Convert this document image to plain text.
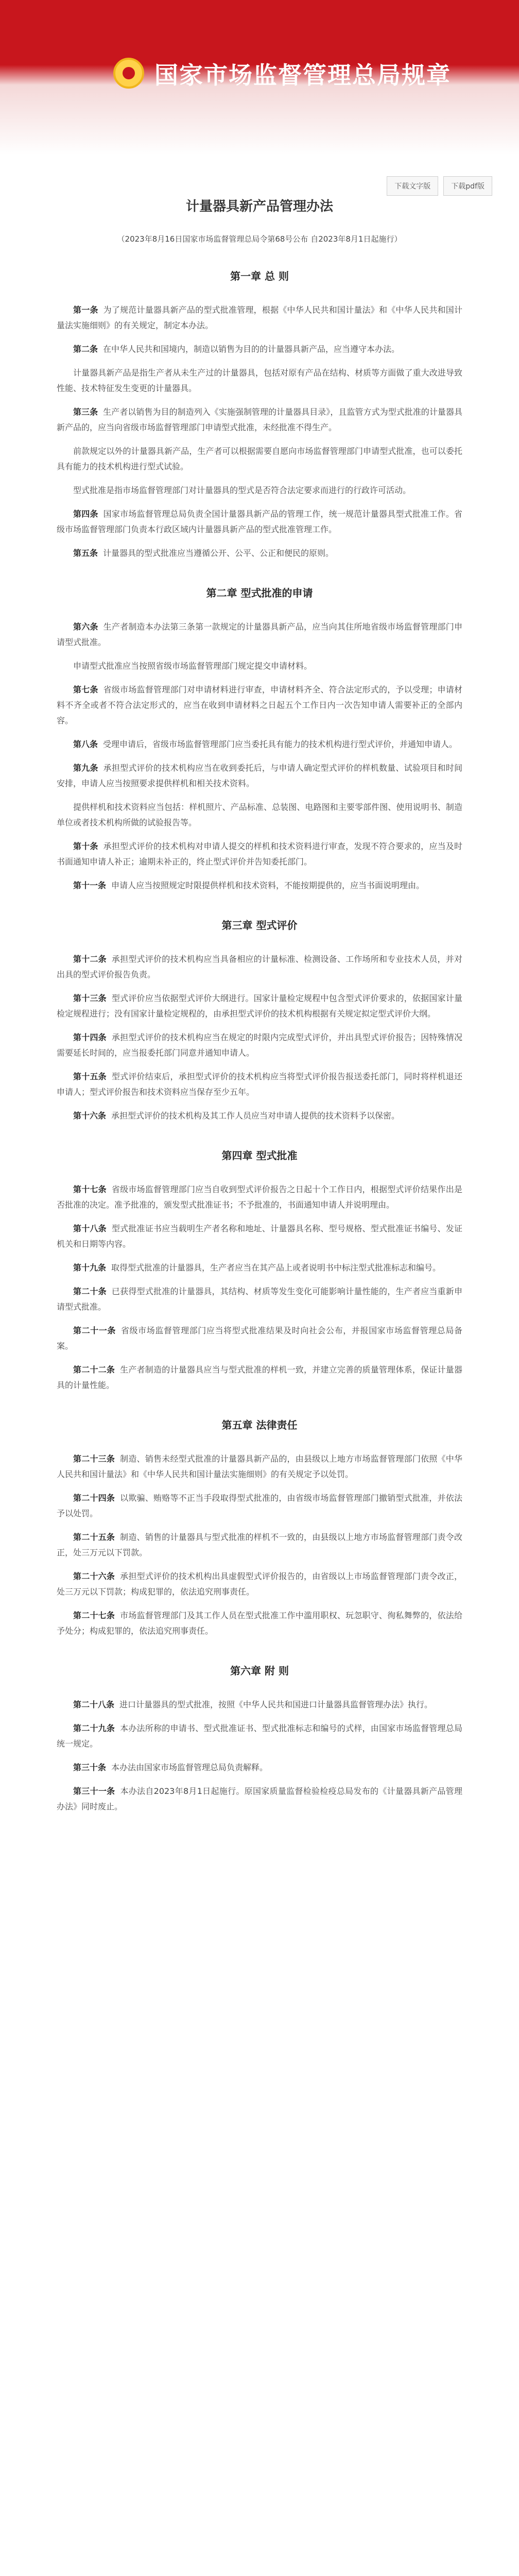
国家市场监督管理总局规章
下载文字版	下载pdf版
计量器具新产品管理办法
（2023年8月16日国家市场监督管理总局令第68号公布 自2023年8月1日起施行）
第一章 总 则

第一条 为了规范计量器具新产品的型式批准管理，根据《中华人民共和国计量法》和《中华人民共和国计量法实施细则》的有关规定，制定本办法。

第二条 在中华人民共和国境内，制造以销售为目的的计量器具新产品，应当遵守本办法。

计量器具新产品是指生产者从未生产过的计量器具，包括对原有产品在结构、材质等方面做了重大改进导致性能、技术特征发生变更的计量器具。

第三条 生产者以销售为目的制造列入《实施强制管理的计量器具目录》，且监管方式为型式批准的计量器具新产品的，应当向省级市场监督管理部门申请型式批准，未经批准不得生产。

前款规定以外的计量器具新产品，生产者可以根据需要自愿向市场监督管理部门申请型式批准，也可以委托具有能力的技术机构进行型式试验。

型式批准是指市场监督管理部门对计量器具的型式是否符合法定要求而进行的行政许可活动。

第四条 国家市场监督管理总局负责全国计量器具新产品的管理工作，统一规范计量器具型式批准工作。省级市场监督管理部门负责本行政区域内计量器具新产品的型式批准管理工作。

第五条 计量器具的型式批准应当遵循公开、公平、公正和便民的原则。

第二章 型式批准的申请

第六条 生产者制造本办法第三条第一款规定的计量器具新产品，应当向其住所地省级市场监督管理部门申请型式批准。

申请型式批准应当按照省级市场监督管理部门规定提交申请材料。

第七条 省级市场监督管理部门对申请材料进行审查，申请材料齐全、符合法定形式的，予以受理；申请材料不齐全或者不符合法定形式的，应当在收到申请材料之日起五个工作日内一次告知申请人需要补正的全部内容。

第八条 受理申请后，省级市场监督管理部门应当委托具有能力的技术机构进行型式评价，并通知申请人。

第九条 承担型式评价的技术机构应当在收到委托后，与申请人确定型式评价的样机数量、试验项目和时间安排，申请人应当按照要求提供样机和相关技术资料。

提供样机和技术资料应当包括：样机照片、产品标准、总装图、电路图和主要零部件图、使用说明书、制造单位或者技术机构所做的试验报告等。

第十条 承担型式评价的技术机构对申请人提交的样机和技术资料进行审查，发现不符合要求的，应当及时书面通知申请人补正；逾期未补正的，终止型式评价并告知委托部门。

第十一条 申请人应当按照规定时限提供样机和技术资料，不能按期提供的，应当书面说明理由。

第三章 型式评价

第十二条 承担型式评价的技术机构应当具备相应的计量标准、检测设备、工作场所和专业技术人员，并对出具的型式评价报告负责。

第十三条 型式评价应当依据型式评价大纲进行。国家计量检定规程中包含型式评价要求的，依据国家计量检定规程进行；没有国家计量检定规程的，由承担型式评价的技术机构根据有关规定拟定型式评价大纲。

第十四条 承担型式评价的技术机构应当在规定的时限内完成型式评价，并出具型式评价报告；因特殊情况需要延长时间的，应当报委托部门同意并通知申请人。

第十五条 型式评价结束后，承担型式评价的技术机构应当将型式评价报告报送委托部门，同时将样机退还申请人；型式评价报告和技术资料应当保存至少五年。

第十六条 承担型式评价的技术机构及其工作人员应当对申请人提供的技术资料予以保密。

第四章 型式批准

第十七条 省级市场监督管理部门应当自收到型式评价报告之日起十个工作日内，根据型式评价结果作出是否批准的决定。准予批准的，颁发型式批准证书；不予批准的，书面通知申请人并说明理由。

第十八条 型式批准证书应当载明生产者名称和地址、计量器具名称、型号规格、型式批准证书编号、发证机关和日期等内容。

第十九条 取得型式批准的计量器具，生产者应当在其产品上或者说明书中标注型式批准标志和编号。

第二十条 已获得型式批准的计量器具，其结构、材质等发生变化可能影响计量性能的，生产者应当重新申请型式批准。

第二十一条 省级市场监督管理部门应当将型式批准结果及时向社会公布，并报国家市场监督管理总局备案。

第二十二条 生产者制造的计量器具应当与型式批准的样机一致，并建立完善的质量管理体系，保证计量器具的计量性能。

第五章 法律责任

第二十三条 制造、销售未经型式批准的计量器具新产品的，由县级以上地方市场监督管理部门依照《中华人民共和国计量法》和《中华人民共和国计量法实施细则》的有关规定予以处罚。

第二十四条 以欺骗、贿赂等不正当手段取得型式批准的，由省级市场监督管理部门撤销型式批准，并依法予以处罚。

第二十五条 制造、销售的计量器具与型式批准的样机不一致的，由县级以上地方市场监督管理部门责令改正，处三万元以下罚款。

第二十六条 承担型式评价的技术机构出具虚假型式评价报告的，由省级以上市场监督管理部门责令改正，处三万元以下罚款；构成犯罪的，依法追究刑事责任。

第二十七条 市场监督管理部门及其工作人员在型式批准工作中滥用职权、玩忽职守、徇私舞弊的，依法给予处分；构成犯罪的，依法追究刑事责任。

第六章 附 则

第二十八条 进口计量器具的型式批准，按照《中华人民共和国进口计量器具监督管理办法》执行。

第二十九条 本办法所称的申请书、型式批准证书、型式批准标志和编号的式样，由国家市场监督管理总局统一规定。

第三十条 本办法由国家市场监督管理总局负责解释。

第三十一条 本办法自2023年8月1日起施行。原国家质量监督检验检疫总局发布的《计量器具新产品管理办法》同时废止。
